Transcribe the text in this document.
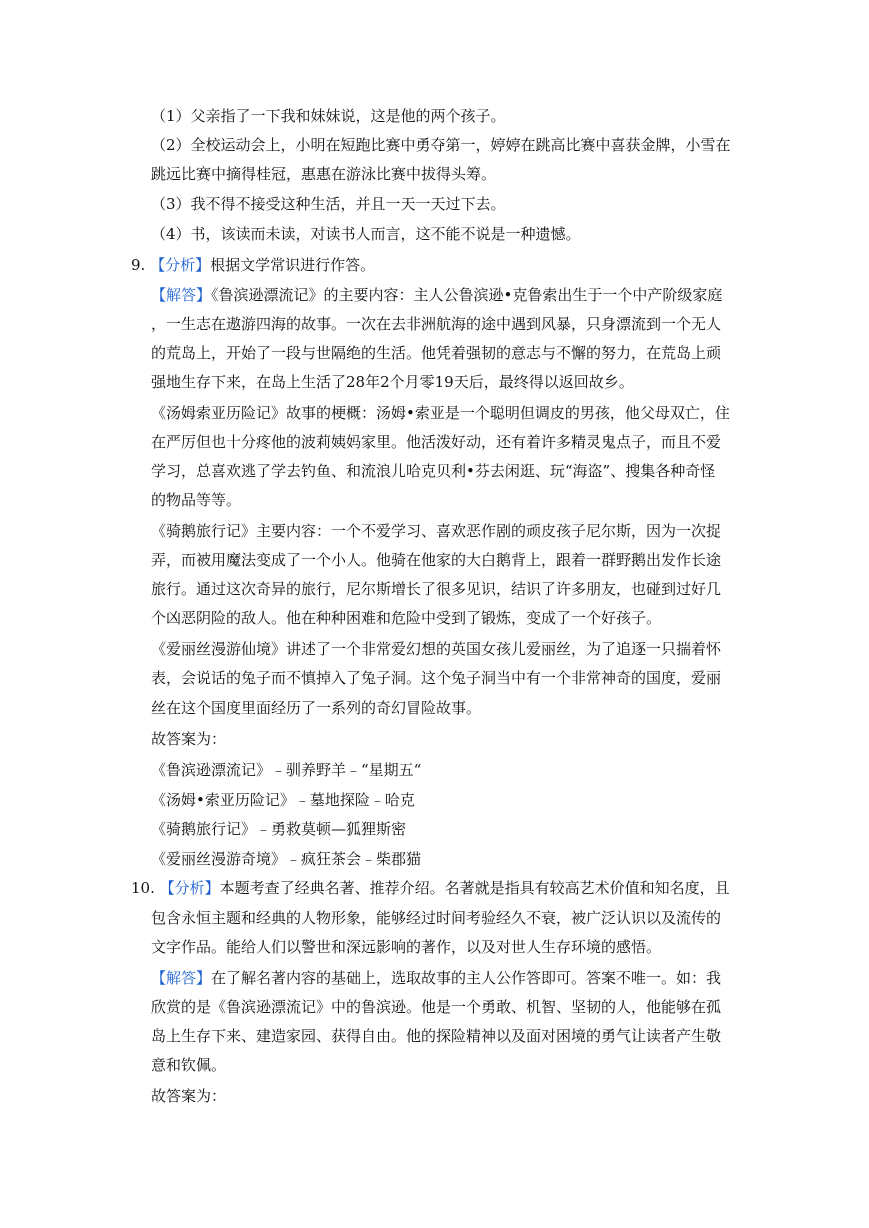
（1）父亲指了一下我和妹妹说，这是他的两个孩子。
（2）全校运动会上，小明在短跑比赛中勇夺第一，婷婷在跳高比赛中喜获金牌，小雪在
跳远比赛中摘得桂冠，惠惠在游泳比赛中拔得头筹。
（3）我不得不接受这种生活，并且一天一天过下去。
（4）书，该读而未读，对读书人而言，这不能不说是一种遗憾。
9. 【分析】根据文学常识进行作答。
【解答】《鲁滨逊漂流记》的主要内容：主人公鲁滨逊•克鲁索出生于一个中产阶级家庭
，一生志在遨游四海的故事。一次在去非洲航海的途中遇到风暴，只身漂流到一个无人
的荒岛上，开始了一段与世隔绝的生活。他凭着强韧的意志与不懈的努力，在荒岛上顽
强地生存下来，在岛上生活了28年2个月零19天后，最终得以返回故乡。
《汤姆索亚历险记》故事的梗概：汤姆•索亚是一个聪明但调皮的男孩，他父母双亡，住
在严厉但也十分疼他的波莉姨妈家里。他活泼好动，还有着许多精灵鬼点子，而且不爱
学习，总喜欢逃了学去钓鱼、和流浪儿哈克贝利•芬去闲逛、玩“海盗”、搜集各种奇怪
的物品等等。
《骑鹅旅行记》主要内容：一个不爱学习、喜欢恶作剧的顽皮孩子尼尔斯，因为一次捉
弄，而被用魔法变成了一个小人。他骑在他家的大白鹅背上，跟着一群野鹅出发作长途
旅行。通过这次奇异的旅行，尼尔斯增长了很多见识，结识了许多朋友，也碰到过好几
个凶恶阴险的敌人。他在种种困难和危险中受到了锻炼，变成了一个好孩子。
《爱丽丝漫游仙境》讲述了一个非常爱幻想的英国女孩儿爱丽丝，为了追逐一只揣着怀
表，会说话的兔子而不慎掉入了兔子洞。这个兔子洞当中有一个非常神奇的国度，爱丽
丝在这个国度里面经历了一系列的奇幻冒险故事。
故答案为：
《鲁滨逊漂流记》﹣驯养野羊﹣“星期五“
《汤姆•索亚历险记》﹣墓地探险﹣哈克
《骑鹅旅行记》﹣勇救莫顿—狐狸斯密
《爱丽丝漫游奇境》﹣疯狂茶会﹣柴郡猫
10. 【分析】本题考查了经典名著、推荐介绍。名著就是指具有较高艺术价值和知名度，且
包含永恒主题和经典的人物形象，能够经过时间考验经久不衰，被广泛认识以及流传的
文字作品。能给人们以警世和深远影响的著作，以及对世人生存环境的感悟。
【解答】在了解名著内容的基础上，选取故事的主人公作答即可。答案不唯一。如：我
欣赏的是《鲁滨逊漂流记》中的鲁滨逊。他是一个勇敢、机智、坚韧的人，他能够在孤
岛上生存下来、建造家园、获得自由。他的探险精神以及面对困境的勇气让读者产生敬
意和钦佩。
故答案为：
